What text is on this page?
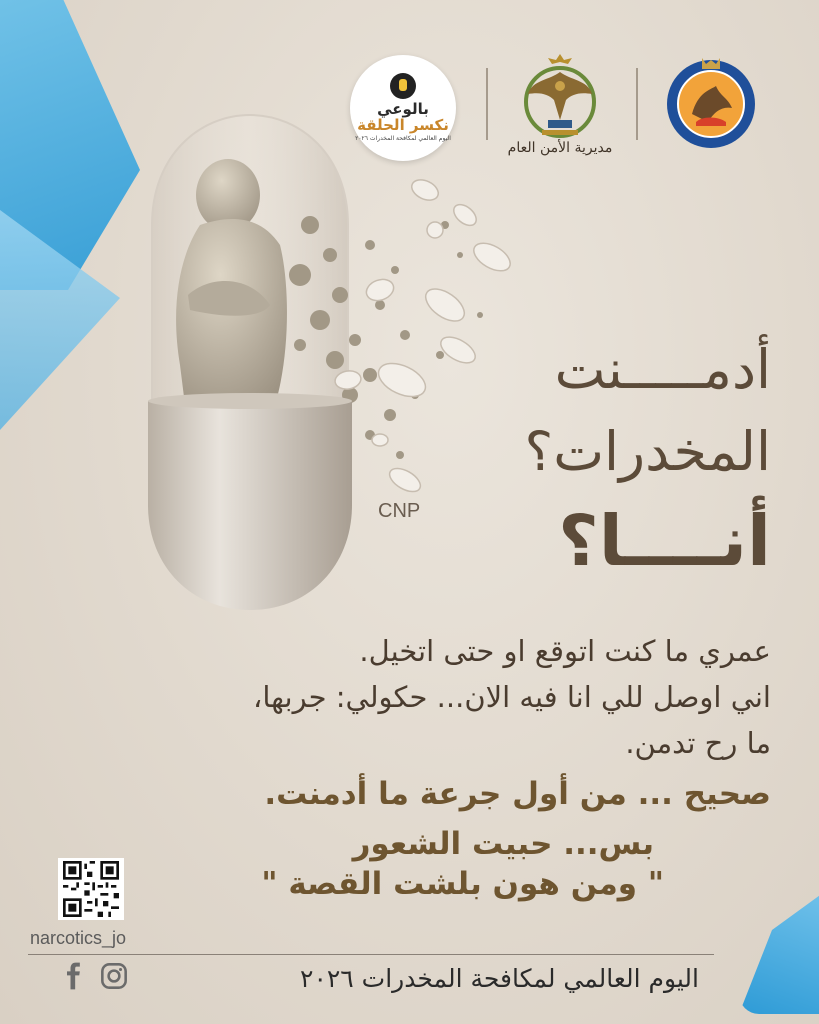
بالوعي
نكسر الحلقة
اليوم العالمي لمكافحة المخدرات ٢٠٢٦
مديرية الأمن العام
أدمـــــنت
المخدرات؟
أنــــا؟
CNP
عمري ما كنت اتوقع او حتى اتخيل.
اني اوصل للي انا فيه الان... حكولي: جربها،
ما رح تدمن.
صحيح ... من أول جرعة ما أدمنت.
بس... حبيت الشعور
" ومن هون بلشت القصة "
narcotics_jo
اليوم العالمي لمكافحة المخدرات ٢٠٢٦
